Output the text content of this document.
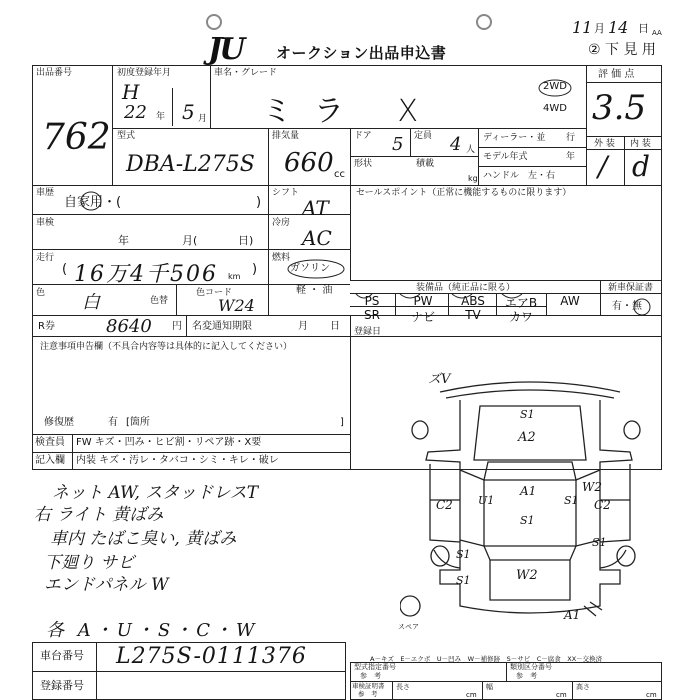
JU オークション出品申込書
11 月 14 日 AA
② 下 見 用
出品番号
762
初度登録年月
H
22 年 5 月
車名・グレード
ミラ X
2WD
4WD
評 価 点
3.5
型式
DBA-L275S
排気量
660 cc
ドア 5 定員 4 人
形状	積載
kg
ディーラー・並 行
モデル年式	年
ハンドル　左・右
外 装 内 装
/ d
車歴
自家用・(	)
シフト
AT
セールスポイント（正常に機能するものに限ります）
車検
年	月(	日)
冷房
AC
走行
( 16万4千506 km )
燃料
ガソリン
軽 ・ 油
色 白	色替
色コード
W24
装備品（純正品に限る）	新車保証書
有・無
PS	PW	ABS	エアB	AW
SR	ナビ	TV	カワ
R券	8640 円 名変通知期限	月 日 登録日
注意事項申告欄（不具合内容等は具体的に記入してください）
修復歴	有 [箇所	]
検査員 FW キズ・凹み・ヒビ割・リペア跡・X要
記入欄 内装 キズ・汚レ・タバコ・シミ・キレ・破レ
ネット AW, スタッドレスT
右 ライト 黄ばみ
車内 たばこ臭い, 黄ばみ
下廻り サビ
エンドパネル W
各 A・U・S・C・W
ズV
S1
A2
A1
U1
C2	C2
S1
S1
W2
S1
S1
S1	W2
A1
スペア
A－キズ　E－エクボ　U－凹み　W－補修跡　S－サビ　C－腐食　XX－交換済
車台番号 L275S-0111376
登録番号
型式指定番号
参　考
類別区分番号
参　考
車検証明書
参　考
長さ
cm
幅
cm
高さ
cm
